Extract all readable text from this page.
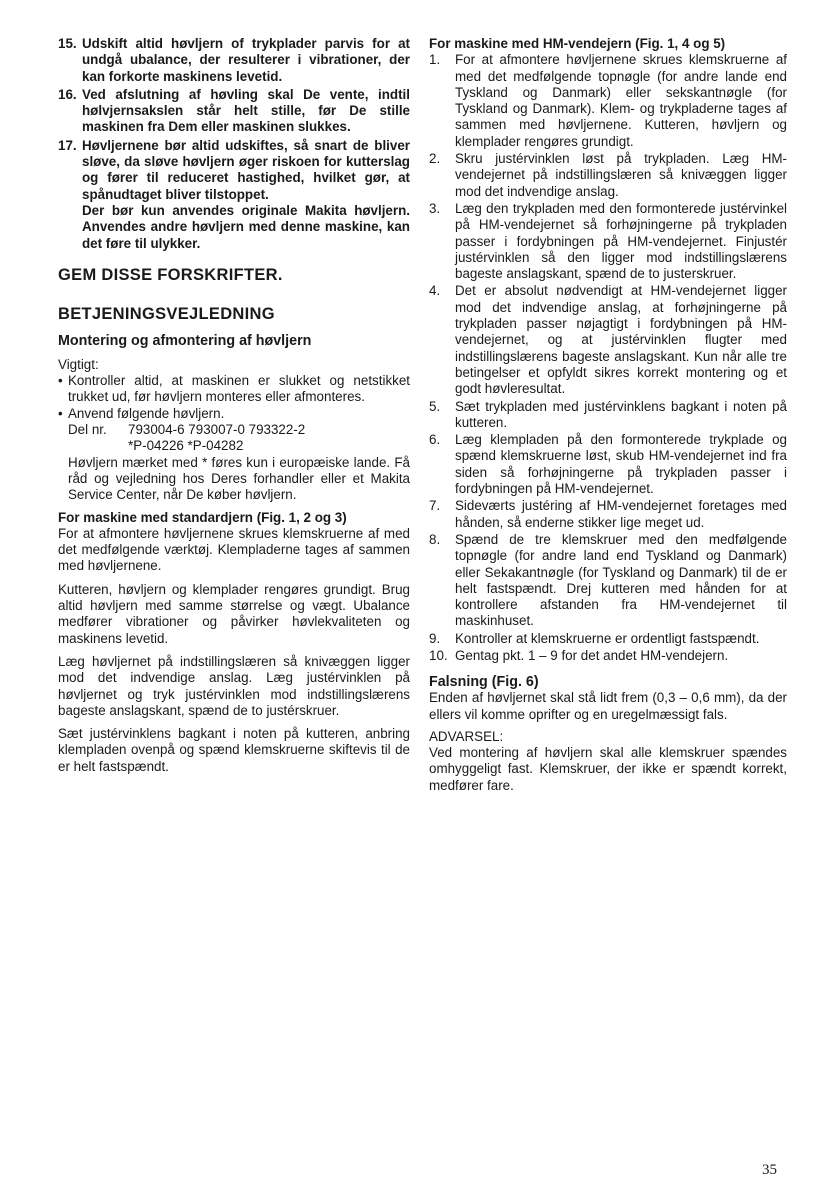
15. Udskift altid høvljern of trykplader parvis for at undgå ubalance, der resulterer i vibrationer, der kan forkorte maskinens levetid.

16. Ved afslutning af høvling skal De vente, indtil hølvjernsakslen står helt stille, før De stille maskinen fra Dem eller maskinen slukkes.

17. Høvljernene bør altid udskiftes, så snart de bliver sløve, da sløve høvljern øger riskoen for kutterslag og fører til reduceret hastighed, hvilket gør, at spånudtaget bliver tilstoppet.

Der bør kun anvendes originale Makita høvljern. Anvendes andre høvljern med denne maskine, kan det føre til ulykker.

GEM DISSE FORSKRIFTER.

BETJENINGSVEJLEDNING

Montering og afmontering af høvljern

Vigtigt:

• Kontroller altid, at maskinen er slukket og netstikket trukket ud, før høvljern monteres eller afmonteres.
• Anvend følgende høvljern.
Del nr.	793004-6 793007-0 793322-2
*P-04226 *P-04282

Høvljern mærket med * føres kun i europæiske lande. Få råd og vejledning hos Deres forhandler eller et Makita Service Center, når De køber høvljern.

For maskine med standardjern (Fig. 1, 2 og 3)

For at afmontere høvljernene skrues klemskruerne af med det medfølgende værktøj. Klempladerne tages af sammen med høvljernene.

Kutteren, høvljern og klemplader rengøres grundigt. Brug altid høvljern med samme størrelse og vægt. Ubalance medfører vibrationer og påvirker høvlekvaliteten og maskinens levetid.

Læg høvljernet på indstillingslæren så knivæggen ligger mod det indvendige anslag. Læg justérvinklen på høvljernet og tryk justérvinklen mod indstillingslærens bageste anslagskant, spænd de to justérskruer.

Sæt justérvinklens bagkant i noten på kutteren, anbring klempladen ovenpå og spænd klemskruerne skiftevis til de er helt fastspændt.

For maskine med HM-vendejern (Fig. 1, 4 og 5)

1.	For at afmontere høvljernene skrues klemskruerne af med det medfølgende topnøgle (for andre lande end Tyskland og Danmark) eller sekskantnøgle (for Tyskland og Danmark). Klem- og trykpladerne tages af sammen med høvljernene. Kutteren, høvljern og klemplader rengøres grundigt.
2.	Skru justérvinklen løst på trykpladen. Læg HM-vendejernet på indstillingslæren så knivæggen ligger mod det indvendige anslag.
3.	Læg den trykpladen med den formonterede justérvinkel på HM-vendejernet så forhøjningerne på trykpladen passer i fordybningen på HM-vendejernet. Finjustér justérvinklen så den ligger mod indstillingslærens bageste anslagskant, spænd de to justerskruer.
4.	Det er absolut nødvendigt at HM-vendejernet ligger mod det indvendige anslag, at forhøjningerne på trykpladen passer nøjagtigt i fordybningen på HM-vendejernet, og at justérvinklen flugter med indstillingslærens bageste anslagskant. Kun når alle tre betingelser et opfyldt sikres korrekt montering og et godt høvleresultat.
5.	Sæt trykpladen med justérvinklens bagkant i noten på kutteren.
6.	Læg klempladen på den formonterede trykplade og spænd klemskruerne løst, skub HM-vendejernet ind fra siden så forhøjningerne på trykpladen passer i fordybningen på HM-vendejernet.
7.	Sideværts justéring af HM-vendejernet foretages med hånden, så enderne stikker lige meget ud.
8.	Spænd de tre klemskruer med den medfølgende topnøgle (for andre land end Tyskland og Danmark) eller Sekakantnøgle (for Tyskland og Danmark) til de er helt fastspændt. Drej kutteren med hånden for at kontrollere afstanden fra HM-vendejernet til maskinhuset.
9.	Kontroller at klemskruerne er ordentligt fastspændt.
10. Gentag pkt. 1 – 9 for det andet HM-vendejern.

Falsning (Fig. 6)

Enden af høvljernet skal stå lidt frem (0,3 – 0,6 mm), da der ellers vil komme oprifter og en uregelmæssigt fals.

ADVARSEL:

Ved montering af høvljern skal alle klemskruer spændes omhyggeligt fast. Klemskruer, der ikke er spændt korrekt, medfører fare.

35
